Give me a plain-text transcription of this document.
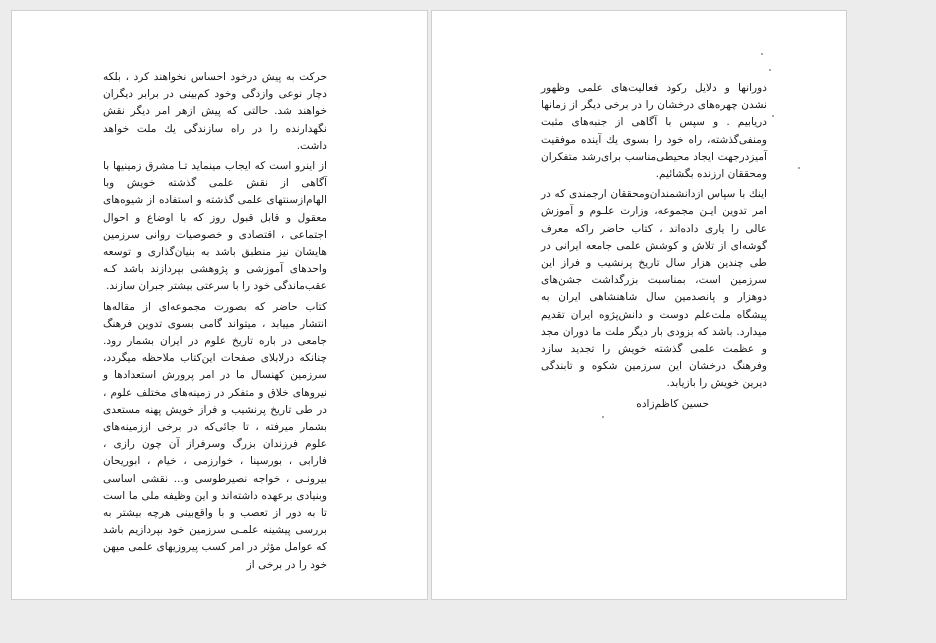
حرکت به پیش درخود احساس نخواهند کرد ، بلکه دچار نوعی وازدگی وخود کم‌بینی در برابر دیگران خواهند شد. حالتی که پیش ازهر امر دیگر نقش نگهدارنده را در راه سازندگی یك ملت خواهد داشت.

از اینرو است که ایجاب مینماید تـا مشرق زمینیها با آگاهی از نقش علمی گذشته خویش وبا الهام‌ازسنتهای علمی گذشته و استفاده از شیوه‌های معقول و قابل قبول روز که با اوضاع و احوال اجتماعی ، اقتصادی و خصوصیات روانی سرزمین هایشان نیز منطبق باشد به بنیان‌گذاری و توسعه واحدهای آموزشی و پژوهشی بپردازند باشد کـه عقب‌ماندگی خود را با سرعتی بیشتر جبران سازند.

کتاب حاضر که بصورت مجموعه‌ای از مقاله‌ها انتشار مییابد ، میتواند گامی بسوی تدوین فرهنگ جامعی در باره تاریخ علوم در ایران بشمار رود. چنانکه درلابلای صفحات این‌کتاب ملاحظه میگردد، سرزمین کهنسال ما در امر پرورش استعدادها و نیروهای خلاق و متفکر در زمینه‌های مختلف علوم ، در طی تاریخ پرنشیب و فراز خویش پهنه مستعدی بشمار میرفته ، تا جائی‌که در برخی اززمینه‌های علوم فرزندان بزرگ وسرفراز آن چون رازی ، فارابی ، بورسینا ، خوارزمی ، خیام ، ابوریحان بیرونـی ، خواجه نصیرطوسی و... نقشی اساسی وبنیادی برعهده داشته‌اند و این وظیفه ملی ما است تا به دور از تعصب و با واقع‌بینی هرچه بیشتر به بررسی پیشینه علمـی سرزمین خود بپردازیم باشد که عوامل مؤثر در امر کسب پیروزیهای علمی میهن خود را در برخی از

دورانها و دلایل رکود فعالیت‌های علمی وظهور نشدن چهره‌های درخشان را در برخی دیگر از زمانها دریابیم . و سپس با آگاهی از جنبه‌های مثبت ومنفی‌گذشته، راه خود را بسوی یك آینده موفقیت آمیزدرجهت ایجاد محیطی‌مناسب برای‌رشد متفکران ومحققان ارزنده بگشائیم.

اینك با سپاس ازدانشمندان‌ومحققان ارجمندی که در امر تدوین ایـن مجموعه، وزارت علـوم و آموزش عالی را یاری داده‌اند ، کتاب حاضر راکه معرف گوشه‌ای از تلاش و کوشش علمی جامعه ایرانی در طی چندین هزار سال تاریخ پرنشیب و فراز این سرزمین است، بمناسبت بزرگداشت جشن‌های دوهزار و پانصدمین سال شاهنشاهی ایران به پیشگاه ملت‌علم دوست و دانش‌پژوه ایران تقدیم میدارد. باشد که بزودی بار دیگر ملت ما دوران مجد و عظمت علمی گذشته خویش را تجدید سازد وفرهنگ درخشان این سرزمین شکوه و تابندگی دیرین خویش را بازیابد.

حسین کاظم‌زاده
